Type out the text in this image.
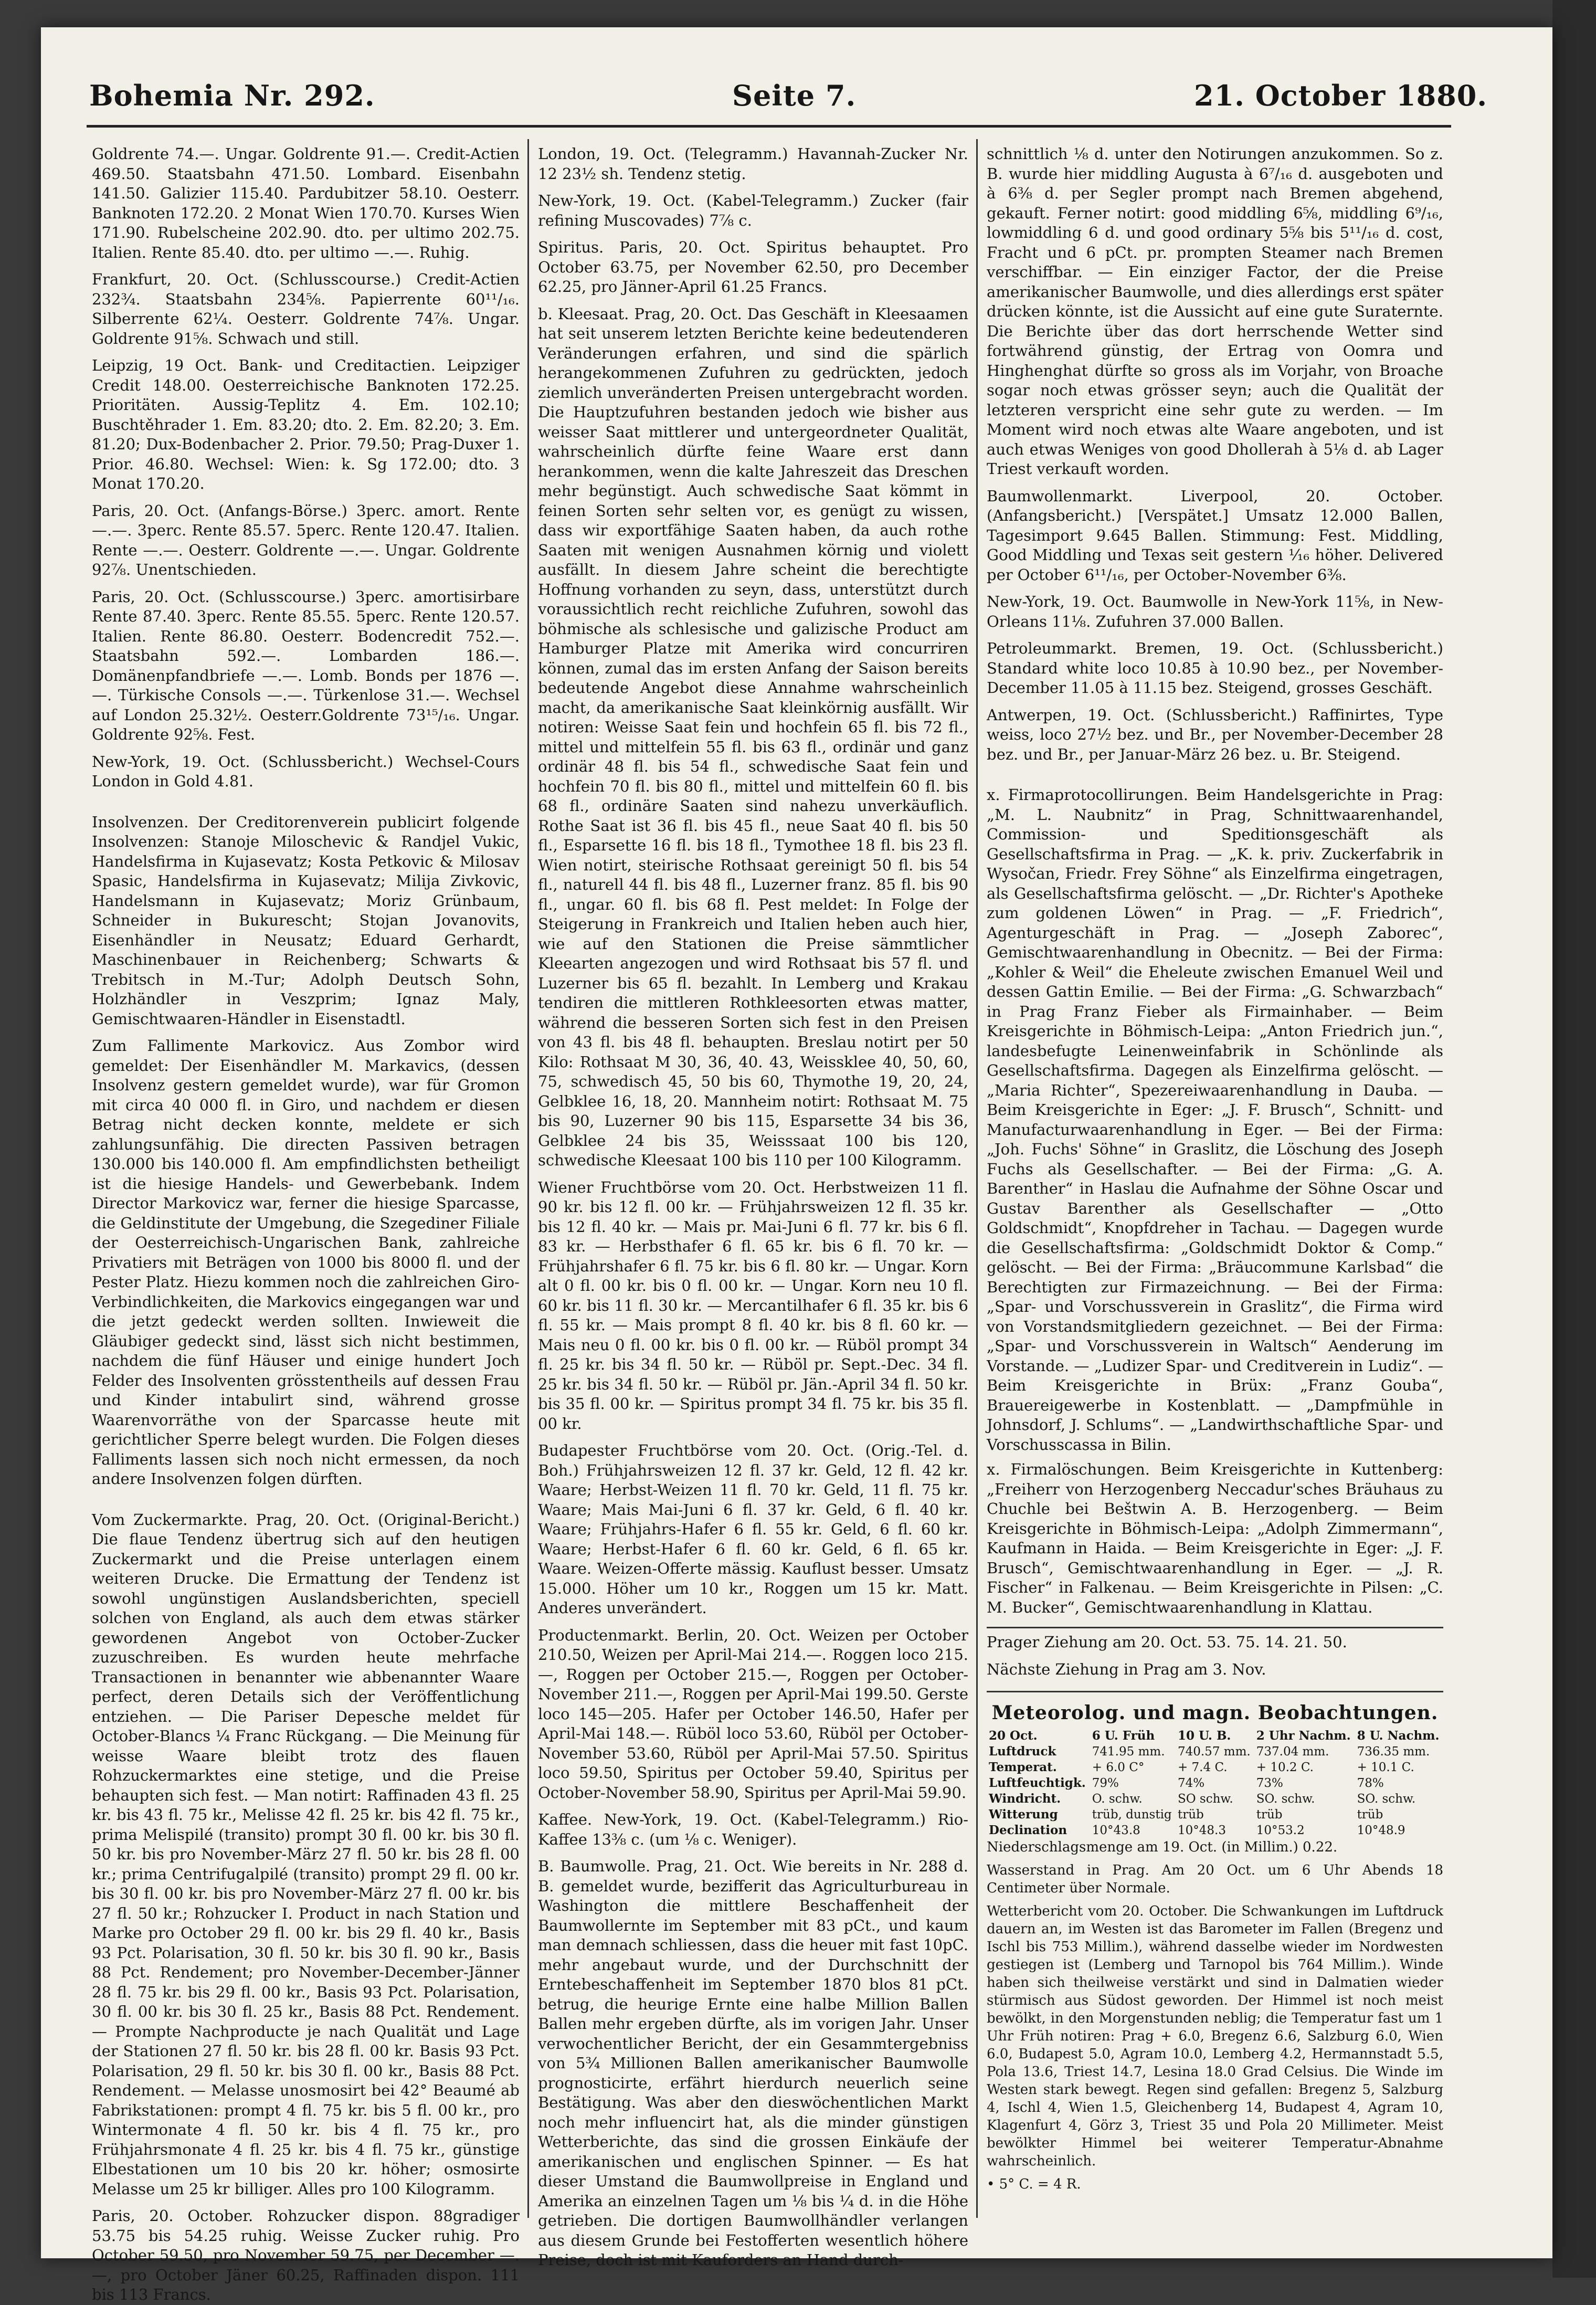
Bohemia Nr. 292.	Seite 7.	21. October 1880.

Goldrente 74.—. Ungar. Goldrente 91.—. Credit-Actien 469.50. Staatsbahn 471.50. Lombard. Eisenbahn 141.50. Galizier 115.40. Pardubitzer 58.10. Oesterr. Banknoten 172.20. 2 Monat Wien 170.70. Kurses Wien 171.90. Rubelscheine 202.90. dto. per ultimo 202.75. Italien. Rente 85.40. dto. per ultimo —.—. Ruhig.

Frankfurt, 20. Oct. (Schlusscourse.) Credit-Actien 232¾. Staatsbahn 234⅝. Papierrente 60¹¹/₁₆. Silberrente 62¼. Oesterr. Goldrente 74⅞. Ungar. Goldrente 91⅝. Schwach und still.

Leipzig, 19 Oct. Bank- und Creditactien. Leipziger Credit 148.00. Oesterreichische Banknoten 172.25. Prioritäten. Aussig-Teplitz 4. Em. 102.10; Buschtěhrader 1. Em. 83.20; dto. 2. Em. 82.20; 3. Em. 81.20; Dux-Bodenbacher 2. Prior. 79.50; Prag-Duxer 1. Prior. 46.80. Wechsel: Wien: k. Sg 172.00; dto. 3 Monat 170.20.

Paris, 20. Oct. (Anfangs-Börse.) 3perc. amort. Rente —.—. 3perc. Rente 85.57. 5perc. Rente 120.47. Italien. Rente —.—. Oesterr. Goldrente —.—. Ungar. Goldrente 92⅞. Unentschieden.

Paris, 20. Oct. (Schlusscourse.) 3perc. amortisirbare Rente 87.40. 3perc. Rente 85.55. 5perc. Rente 120.57. Italien. Rente 86.80. Oesterr. Bodencredit 752.—. Staatsbahn 592.—. Lombarden 186.—. Domänenpfandbriefe —.—. Lomb. Bonds per 1876 —.—. Türkische Consols —.—. Türkenlose 31.—. Wechsel auf London 25.32½. Oesterr.Goldrente 73¹⁵/₁₆. Ungar. Goldrente 92⅝. Fest.

New-York, 19. Oct. (Schlussbericht.) Wechsel-Cours London in Gold 4.81.

Insolvenzen. Der Creditorenverein publicirt folgende Insolvenzen: Stanoje Miloschevic & Randjel Vukic, Handelsfirma in Kujasevatz; Kosta Petkovic & Milosav Spasic, Handelsfirma in Kujasevatz; Milija Zivkovic, Handelsmann in Kujasevatz; Moriz Grünbaum, Schneider in Bukurescht; Stojan Jovanovits, Eisenhändler in Neusatz; Eduard Gerhardt, Maschinenbauer in Reichenberg; Schwarts & Trebitsch in M.-Tur; Adolph Deutsch Sohn, Holzhändler in Veszprim; Ignaz Maly, Gemischtwaaren-Händler in Eisenstadtl.

Zum Fallimente Markovicz. Aus Zombor wird gemeldet: Der Eisenhändler M. Markavics, (dessen Insolvenz gestern gemeldet wurde), war für Gromon mit circa 40 000 fl. in Giro, und nachdem er diesen Betrag nicht decken konnte, meldete er sich zahlungsunfähig. Die directen Passiven betragen 130.000 bis 140.000 fl. Am empfindlichsten betheiligt ist die hiesige Handels- und Gewerbebank. Indem Director Markovicz war, ferner die hiesige Sparcasse, die Geldinstitute der Umgebung, die Szegediner Filiale der Oesterreichisch-Ungarischen Bank, zahlreiche Privatiers mit Beträgen von 1000 bis 8000 fl. und der Pester Platz. Hiezu kommen noch die zahlreichen Giro-Verbindlichkeiten, die Markovics eingegangen war und die jetzt gedeckt werden sollten. Inwieweit die Gläubiger gedeckt sind, lässt sich nicht bestimmen, nachdem die fünf Häuser und einige hundert Joch Felder des Insolventen grösstentheils auf dessen Frau und Kinder intabulirt sind, während grosse Waarenvorräthe von der Sparcasse heute mit gerichtlicher Sperre belegt wurden. Die Folgen dieses Falliments lassen sich noch nicht ermessen, da noch andere Insolvenzen folgen dürften.

Vom Zuckermarkte. Prag, 20. Oct. (Original-Bericht.) Die flaue Tendenz übertrug sich auf den heutigen Zuckermarkt und die Preise unterlagen einem weiteren Drucke. Die Ermattung der Tendenz ist sowohl ungünstigen Auslandsberichten, speciell solchen von England, als auch dem etwas stärker gewordenen Angebot von October-Zucker zuzuschreiben. Es wurden heute mehrfache Transactionen in benannter wie abbenannter Waare perfect, deren Details sich der Veröffentlichung entziehen. — Die Pariser Depesche meldet für October-Blancs ¼ Franc Rückgang. — Die Meinung für weisse Waare bleibt trotz des flauen Rohzuckermarktes eine stetige, und die Preise behaupten sich fest. — Man notirt: Raffinaden 43 fl. 25 kr. bis 43 fl. 75 kr., Melisse 42 fl. 25 kr. bis 42 fl. 75 kr., prima Melispilé (transito) prompt 30 fl. 00 kr. bis 30 fl. 50 kr. bis pro November-März 27 fl. 50 kr. bis 28 fl. 00 kr.; prima Centrifugalpilé (transito) prompt 29 fl. 00 kr. bis 30 fl. 00 kr. bis pro November-März 27 fl. 00 kr. bis 27 fl. 50 kr.; Rohzucker I. Product in nach Station und Marke pro October 29 fl. 00 kr. bis 29 fl. 40 kr., Basis 93 Pct. Polarisation, 30 fl. 50 kr. bis 30 fl. 90 kr., Basis 88 Pct. Rendement; pro November-December-Jänner 28 fl. 75 kr. bis 29 fl. 00 kr., Basis 93 Pct. Polarisation, 30 fl. 00 kr. bis 30 fl. 25 kr., Basis 88 Pct. Rendement. — Prompte Nachproducte je nach Qualität und Lage der Stationen 27 fl. 50 kr. bis 28 fl. 00 kr. Basis 93 Pct. Polarisation, 29 fl. 50 kr. bis 30 fl. 00 kr., Basis 88 Pct. Rendement. — Melasse unosmosirt bei 42° Beaumé ab Fabrikstationen: prompt 4 fl. 75 kr. bis 5 fl. 00 kr., pro Wintermonate 4 fl. 50 kr. bis 4 fl. 75 kr., pro Frühjahrsmonate 4 fl. 25 kr. bis 4 fl. 75 kr., günstige Elbestationen um 10 bis 20 kr. höher; osmosirte Melasse um 25 kr billiger. Alles pro 100 Kilogramm.

Paris, 20. October. Rohzucker dispon. 88gradiger 53.75 bis 54.25 ruhig. Weisse Zucker ruhig. Pro October 59.50, pro November 59.75, per December —.—, pro October Jäner 60.25, Raffinaden dispon. 111 bis 113 Francs.

London, 19. Oct. (Telegramm.) Havannah-Zucker Nr. 12 23½ sh. Tendenz stetig.

New-York, 19. Oct. (Kabel-Telegramm.) Zucker (fair refining Muscovades) 7⅞ c.

Spiritus. Paris, 20. Oct. Spiritus behauptet. Pro October 63.75, per November 62.50, pro December 62.25, pro Jänner-April 61.25 Francs.

b. Kleesaat. Prag, 20. Oct. Das Geschäft in Kleesaamen hat seit unserem letzten Berichte keine bedeutenderen Veränderungen erfahren, und sind die spärlich herangekommenen Zufuhren zu gedrückten, jedoch ziemlich unveränderten Preisen untergebracht worden. Die Hauptzufuhren bestanden jedoch wie bisher aus weisser Saat mittlerer und untergeordneter Qualität, wahrscheinlich dürfte feine Waare erst dann herankommen, wenn die kalte Jahreszeit das Dreschen mehr begünstigt. Auch schwedische Saat kömmt in feinen Sorten sehr selten vor, es genügt zu wissen, dass wir exportfähige Saaten haben, da auch rothe Saaten mit wenigen Ausnahmen körnig und violett ausfällt. In diesem Jahre scheint die berechtigte Hoffnung vorhanden zu seyn, dass, unterstützt durch voraussichtlich recht reichliche Zufuhren, sowohl das böhmische als schlesische und galizische Product am Hamburger Platze mit Amerika wird concurriren können, zumal das im ersten Anfang der Saison bereits bedeutende Angebot diese Annahme wahrscheinlich macht, da amerikanische Saat kleinkörnig ausfällt. Wir notiren: Weisse Saat fein und hochfein 65 fl. bis 72 fl., mittel und mittelfein 55 fl. bis 63 fl., ordinär und ganz ordinär 48 fl. bis 54 fl., schwedische Saat fein und hochfein 70 fl. bis 80 fl., mittel und mittelfein 60 fl. bis 68 fl., ordinäre Saaten sind nahezu unverkäuflich. Rothe Saat ist 36 fl. bis 45 fl., neue Saat 40 fl. bis 50 fl., Esparsette 16 fl. bis 18 fl., Tymothee 18 fl. bis 23 fl. Wien notirt, steirische Rothsaat gereinigt 50 fl. bis 54 fl., naturell 44 fl. bis 48 fl., Luzerner franz. 85 fl. bis 90 fl., ungar. 60 fl. bis 68 fl. Pest meldet: In Folge der Steigerung in Frankreich und Italien heben auch hier, wie auf den Stationen die Preise sämmtlicher Kleearten angezogen und wird Rothsaat bis 57 fl. und Luzerner bis 65 fl. bezahlt. In Lemberg und Krakau tendiren die mittleren Rothkleesorten etwas matter, während die besseren Sorten sich fest in den Preisen von 43 fl. bis 48 fl. behaupten. Breslau notirt per 50 Kilo: Rothsaat M 30, 36, 40. 43, Weissklee 40, 50, 60, 75, schwedisch 45, 50 bis 60, Thymothe 19, 20, 24, Gelbklee 16, 18, 20. Mannheim notirt: Rothsaat M. 75 bis 90, Luzerner 90 bis 115, Esparsette 34 bis 36, Gelbklee 24 bis 35, Weisssaat 100 bis 120, schwedische Kleesaat 100 bis 110 per 100 Kilogramm.

Wiener Fruchtbörse vom 20. Oct. Herbstweizen 11 fl. 90 kr. bis 12 fl. 00 kr. — Frühjahrsweizen 12 fl. 35 kr. bis 12 fl. 40 kr. — Mais pr. Mai-Juni 6 fl. 77 kr. bis 6 fl. 83 kr. — Herbsthafer 6 fl. 65 kr. bis 6 fl. 70 kr. — Frühjahrshafer 6 fl. 75 kr. bis 6 fl. 80 kr. — Ungar. Korn alt 0 fl. 00 kr. bis 0 fl. 00 kr. — Ungar. Korn neu 10 fl. 60 kr. bis 11 fl. 30 kr. — Mercantilhafer 6 fl. 35 kr. bis 6 fl. 55 kr. — Mais prompt 8 fl. 40 kr. bis 8 fl. 60 kr. — Mais neu 0 fl. 00 kr. bis 0 fl. 00 kr. — Rüböl prompt 34 fl. 25 kr. bis 34 fl. 50 kr. — Rüböl pr. Sept.-Dec. 34 fl. 25 kr. bis 34 fl. 50 kr. — Rüböl pr. Jän.-April 34 fl. 50 kr. bis 35 fl. 00 kr. — Spiritus prompt 34 fl. 75 kr. bis 35 fl. 00 kr.

Budapester Fruchtbörse vom 20. Oct. (Orig.-Tel. d. Boh.) Frühjahrsweizen 12 fl. 37 kr. Geld, 12 fl. 42 kr. Waare; Herbst-Weizen 11 fl. 70 kr. Geld, 11 fl. 75 kr. Waare; Mais Mai-Juni 6 fl. 37 kr. Geld, 6 fl. 40 kr. Waare; Frühjahrs-Hafer 6 fl. 55 kr. Geld, 6 fl. 60 kr. Waare; Herbst-Hafer 6 fl. 60 kr. Geld, 6 fl. 65 kr. Waare. Weizen-Offerte mässig. Kauflust besser. Umsatz 15.000. Höher um 10 kr., Roggen um 15 kr. Matt. Anderes unverändert.

Productenmarkt. Berlin, 20. Oct. Weizen per October 210.50, Weizen per April-Mai 214.—. Roggen loco 215.—, Roggen per October 215.—, Roggen per October-November 211.—, Roggen per April-Mai 199.50. Gerste loco 145—205. Hafer per October 146.50, Hafer per April-Mai 148.—. Rüböl loco 53.60, Rüböl per October-November 53.60, Rüböl per April-Mai 57.50. Spiritus loco 59.50, Spiritus per October 59.40, Spiritus per October-November 58.90, Spiritus per April-Mai 59.90.

Kaffee. New-York, 19. Oct. (Kabel-Telegramm.) Rio-Kaffee 13⅜ c. (um ⅛ c. Weniger).

B. Baumwolle. Prag, 21. Oct. Wie bereits in Nr. 288 d. B. gemeldet wurde, bezifferit das Agriculturbureau in Washington die mittlere Beschaffenheit der Baumwollernte im September mit 83 pCt., und kaum man demnach schliessen, dass die heuer mit fast 10pC. mehr angebaut wurde, und der Durchschnitt der Erntebeschaffenheit im September 1870 blos 81 pCt. betrug, die heurige Ernte eine halbe Million Ballen Ballen mehr ergeben dürfte, als im vorigen Jahr. Unser verwochentlicher Bericht, der ein Gesammtergebniss von 5¾ Millionen Ballen amerikanischer Baumwolle prognosticirte, erfährt hierdurch neuerlich seine Bestätigung. Was aber den dieswöchentlichen Markt noch mehr influencirt hat, als die minder günstigen Wetterberichte, das sind die grossen Einkäufe der amerikanischen und englischen Spinner. — Es hat dieser Umstand die Baumwollpreise in England und Amerika an einzelnen Tagen um ⅛ bis ¼ d. in die Höhe getrieben. Die dortigen Baumwollhändler verlangen aus diesem Grunde bei Festofferten wesentlich höhere Preise, doch ist mit Kauforders an Hand durch-

schnittlich ⅛ d. unter den Notirungen anzukommen. So z. B. wurde hier middling Augusta à 6⁷/₁₆ d. ausgeboten und à 6⅜ d. per Segler prompt nach Bremen abgehend, gekauft. Ferner notirt: good middling 6⅝, middling 6⁹/₁₆, lowmiddling 6 d. und good ordinary 5⅝ bis 5¹¹/₁₆ d. cost, Fracht und 6 pCt. pr. prompten Steamer nach Bremen verschiffbar. — Ein einziger Factor, der die Preise amerikanischer Baumwolle, und dies allerdings erst später drücken könnte, ist die Aussicht auf eine gute Suraternte. Die Berichte über das dort herrschende Wetter sind fortwährend günstig, der Ertrag von Oomra und Hinghenghat dürfte so gross als im Vorjahr, von Broache sogar noch etwas grösser seyn; auch die Qualität der letzteren verspricht eine sehr gute zu werden. — Im Moment wird noch etwas alte Waare angeboten, und ist auch etwas Weniges von good Dhollerah à 5⅛ d. ab Lager Triest verkauft worden.

Baumwollenmarkt. Liverpool, 20. October. (Anfangsbericht.) [Verspätet.] Umsatz 12.000 Ballen, Tagesimport 9.645 Ballen. Stimmung: Fest. Middling, Good Middling und Texas seit gestern ⅟₁₆ höher. Delivered per October 6¹¹/₁₆, per October-November 6⅜.

New-York, 19. Oct. Baumwolle in New-York 11⅝, in New-Orleans 11⅛. Zufuhren 37.000 Ballen.

Petroleummarkt. Bremen, 19. Oct. (Schlussbericht.) Standard white loco 10.85 à 10.90 bez., per November-December 11.05 à 11.15 bez. Steigend, grosses Geschäft.

Antwerpen, 19. Oct. (Schlussbericht.) Raffinirtes, Type weiss, loco 27½ bez. und Br., per November-December 28 bez. und Br., per Januar-März 26 bez. u. Br. Steigend.

x. Firmaprotocollirungen. Beim Handelsgerichte in Prag: „M. L. Naubnitz“ in Prag, Schnittwaarenhandel, Commission- und Speditionsgeschäft als Gesellschaftsfirma in Prag. — „K. k. priv. Zuckerfabrik in Wysočan, Friedr. Frey Söhne“ als Einzelfirma eingetragen, als Gesellschaftsfirma gelöscht. — „Dr. Richter's Apotheke zum goldenen Löwen“ in Prag. — „F. Friedrich“, Agenturgeschäft in Prag. — „Joseph Zaborec“, Gemischtwaarenhandlung in Obecnitz. — Bei der Firma: „Kohler & Weil“ die Eheleute zwischen Emanuel Weil und dessen Gattin Emilie. — Bei der Firma: „G. Schwarzbach“ in Prag Franz Fieber als Firmainhaber. — Beim Kreisgerichte in Böhmisch-Leipa: „Anton Friedrich jun.“, landesbefugte Leinenweinfabrik in Schönlinde als Gesellschaftsfirma. Dagegen als Einzelfirma gelöscht. — „Maria Richter“, Spezereiwaarenhandlung in Dauba. — Beim Kreisgerichte in Eger: „J. F. Brusch“, Schnitt- und Manufacturwaarenhandlung in Eger. — Bei der Firma: „Joh. Fuchs' Söhne“ in Graslitz, die Löschung des Joseph Fuchs als Gesellschafter. — Bei der Firma: „G. A. Barenther“ in Haslau die Aufnahme der Söhne Oscar und Gustav Barenther als Gesellschafter — „Otto Goldschmidt“, Knopfdreher in Tachau. — Dagegen wurde die Gesellschaftsfirma: „Goldschmidt Doktor & Comp.“ gelöscht. — Bei der Firma: „Bräucommune Karlsbad“ die Berechtigten zur Firmazeichnung. — Bei der Firma: „Spar- und Vorschussverein in Graslitz“, die Firma wird von Vorstandsmitgliedern gezeichnet. — Bei der Firma: „Spar- und Vorschussverein in Waltsch“ Aenderung im Vorstande. — „Ludizer Spar- und Creditverein in Ludiz“. — Beim Kreisgerichte in Brüx: „Franz Gouba“, Brauereigewerbe in Kostenblatt. — „Dampfmühle in Johnsdorf, J. Schlums“. — „Landwirthschaftliche Spar- und Vorschusscassa in Bilin.

x. Firmalöschungen. Beim Kreisgerichte in Kuttenberg: „Freiherr von Herzogenberg Neccadur'sches Bräuhaus zu Chuchle bei Beštwin A. B. Herzogenberg. — Beim Kreisgerichte in Böhmisch-Leipa: „Adolph Zimmermann“, Kaufmann in Haida. — Beim Kreisgerichte in Eger: „J. F. Brusch“, Gemischtwaarenhandlung in Eger. — „J. R. Fischer“ in Falkenau. — Beim Kreisgerichte in Pilsen: „C. M. Bucker“, Gemischtwaarenhandlung in Klattau.

Prager Ziehung am 20. Oct. 53. 75. 14. 21. 50.

Nächste Ziehung in Prag am 3. Nov.

Meteorolog. und magn. Beobachtungen.
20 Oct.	6 U. Früh	10 U. B.	2 Uhr Nachm.	8 U. Nachm.
Luftdruck	741.95 mm.	740.57 mm.	737.04 mm.	736.35 mm.
Temperat.	+ 6.0 C°	+ 7.4 C.	+ 10.2 C.	+ 10.1 C.
Luftfeuchtigk.	79%	74%	73%	78%
Windricht.	O. schw.	SO schw.	SO. schw.	SO. schw.
Witterung	trüb, dunstig	trüb	trüb	trüb
Declination	10°43.8	10°48.3	10°53.2	10°48.9

Niederschlagsmenge am 19. Oct. (in Millim.) 0.22.

Wasserstand in Prag. Am 20 Oct. um 6 Uhr Abends 18 Centimeter über Normale.

Wetterbericht vom 20. October. Die Schwankungen im Luftdruck dauern an, im Westen ist das Barometer im Fallen (Bregenz und Ischl bis 753 Millim.), während dasselbe wieder im Nordwesten gestiegen ist (Lemberg und Tarnopol bis 764 Millim.). Winde haben sich theilweise verstärkt und sind in Dalmatien wieder stürmisch aus Südost geworden. Der Himmel ist noch meist bewölkt, in den Morgenstunden neblig; die Temperatur fast um 1 Uhr Früh notiren: Prag + 6.0, Bregenz 6.6, Salzburg 6.0, Wien 6.0, Budapest 5.0, Agram 10.0, Lemberg 4.2, Hermannstadt 5.5, Pola 13.6, Triest 14.7, Lesina 18.0 Grad Celsius. Die Winde im Westen stark bewegt. Regen sind gefallen: Bregenz 5, Salzburg 4, Ischl 4, Wien 1.5, Gleichenberg 14, Budapest 4, Agram 10, Klagenfurt 4, Görz 3, Triest 35 und Pola 20 Millimeter. Meist bewölkter Himmel bei weiterer Temperatur-Abnahme wahrscheinlich.

• 5° C. = 4 R.
